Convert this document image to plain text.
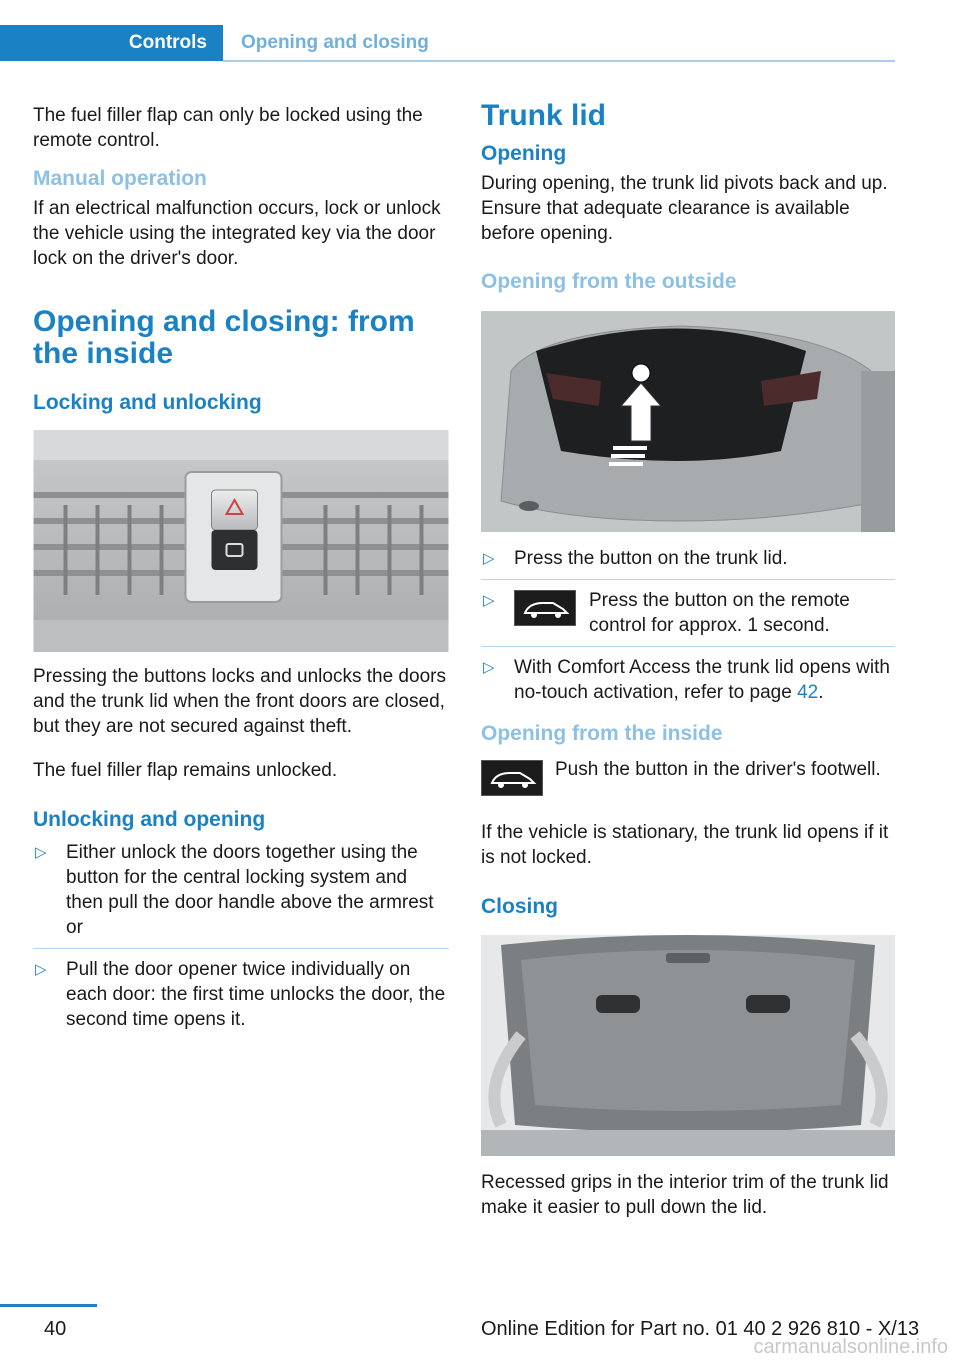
Controls Opening and closing

The fuel filler flap can only be locked using the remote control.

Manual operation

If an electrical malfunction occurs, lock or unlock the vehicle using the integrated key via the door lock on the driver's door.

Opening and closing: from the inside
Locking and unlocking

Pressing the buttons locks and unlocks the doors and the trunk lid when the front doors are closed, but they are not secured against theft.

The fuel filler flap remains unlocked.

Unlocking and opening
▷ Either unlock the doors together using the button for the central locking system and then pull the door handle above the armrest or
▷ Pull the door opener twice individually on each door: the first time unlocks the door, the second time opens it.
Trunk lid
Opening

During opening, the trunk lid pivots back and up. Ensure that adequate clearance is available before opening.

Opening from the outside
▷ Press the button on the trunk lid.
▷	Press the button on the remote control for approx. 1 second.
▷ With Comfort Access the trunk lid opens with no-touch activation, refer to page 42.
Opening from the inside

Push the button in the driver's footwell.

If the vehicle is stationary, the trunk lid opens if it is not locked.

Closing

Recessed grips in the interior trim of the trunk lid make it easier to pull down the lid.

40	Online Edition for Part no. 01 40 2 926 810 - X/13
carmanualsonline.info
